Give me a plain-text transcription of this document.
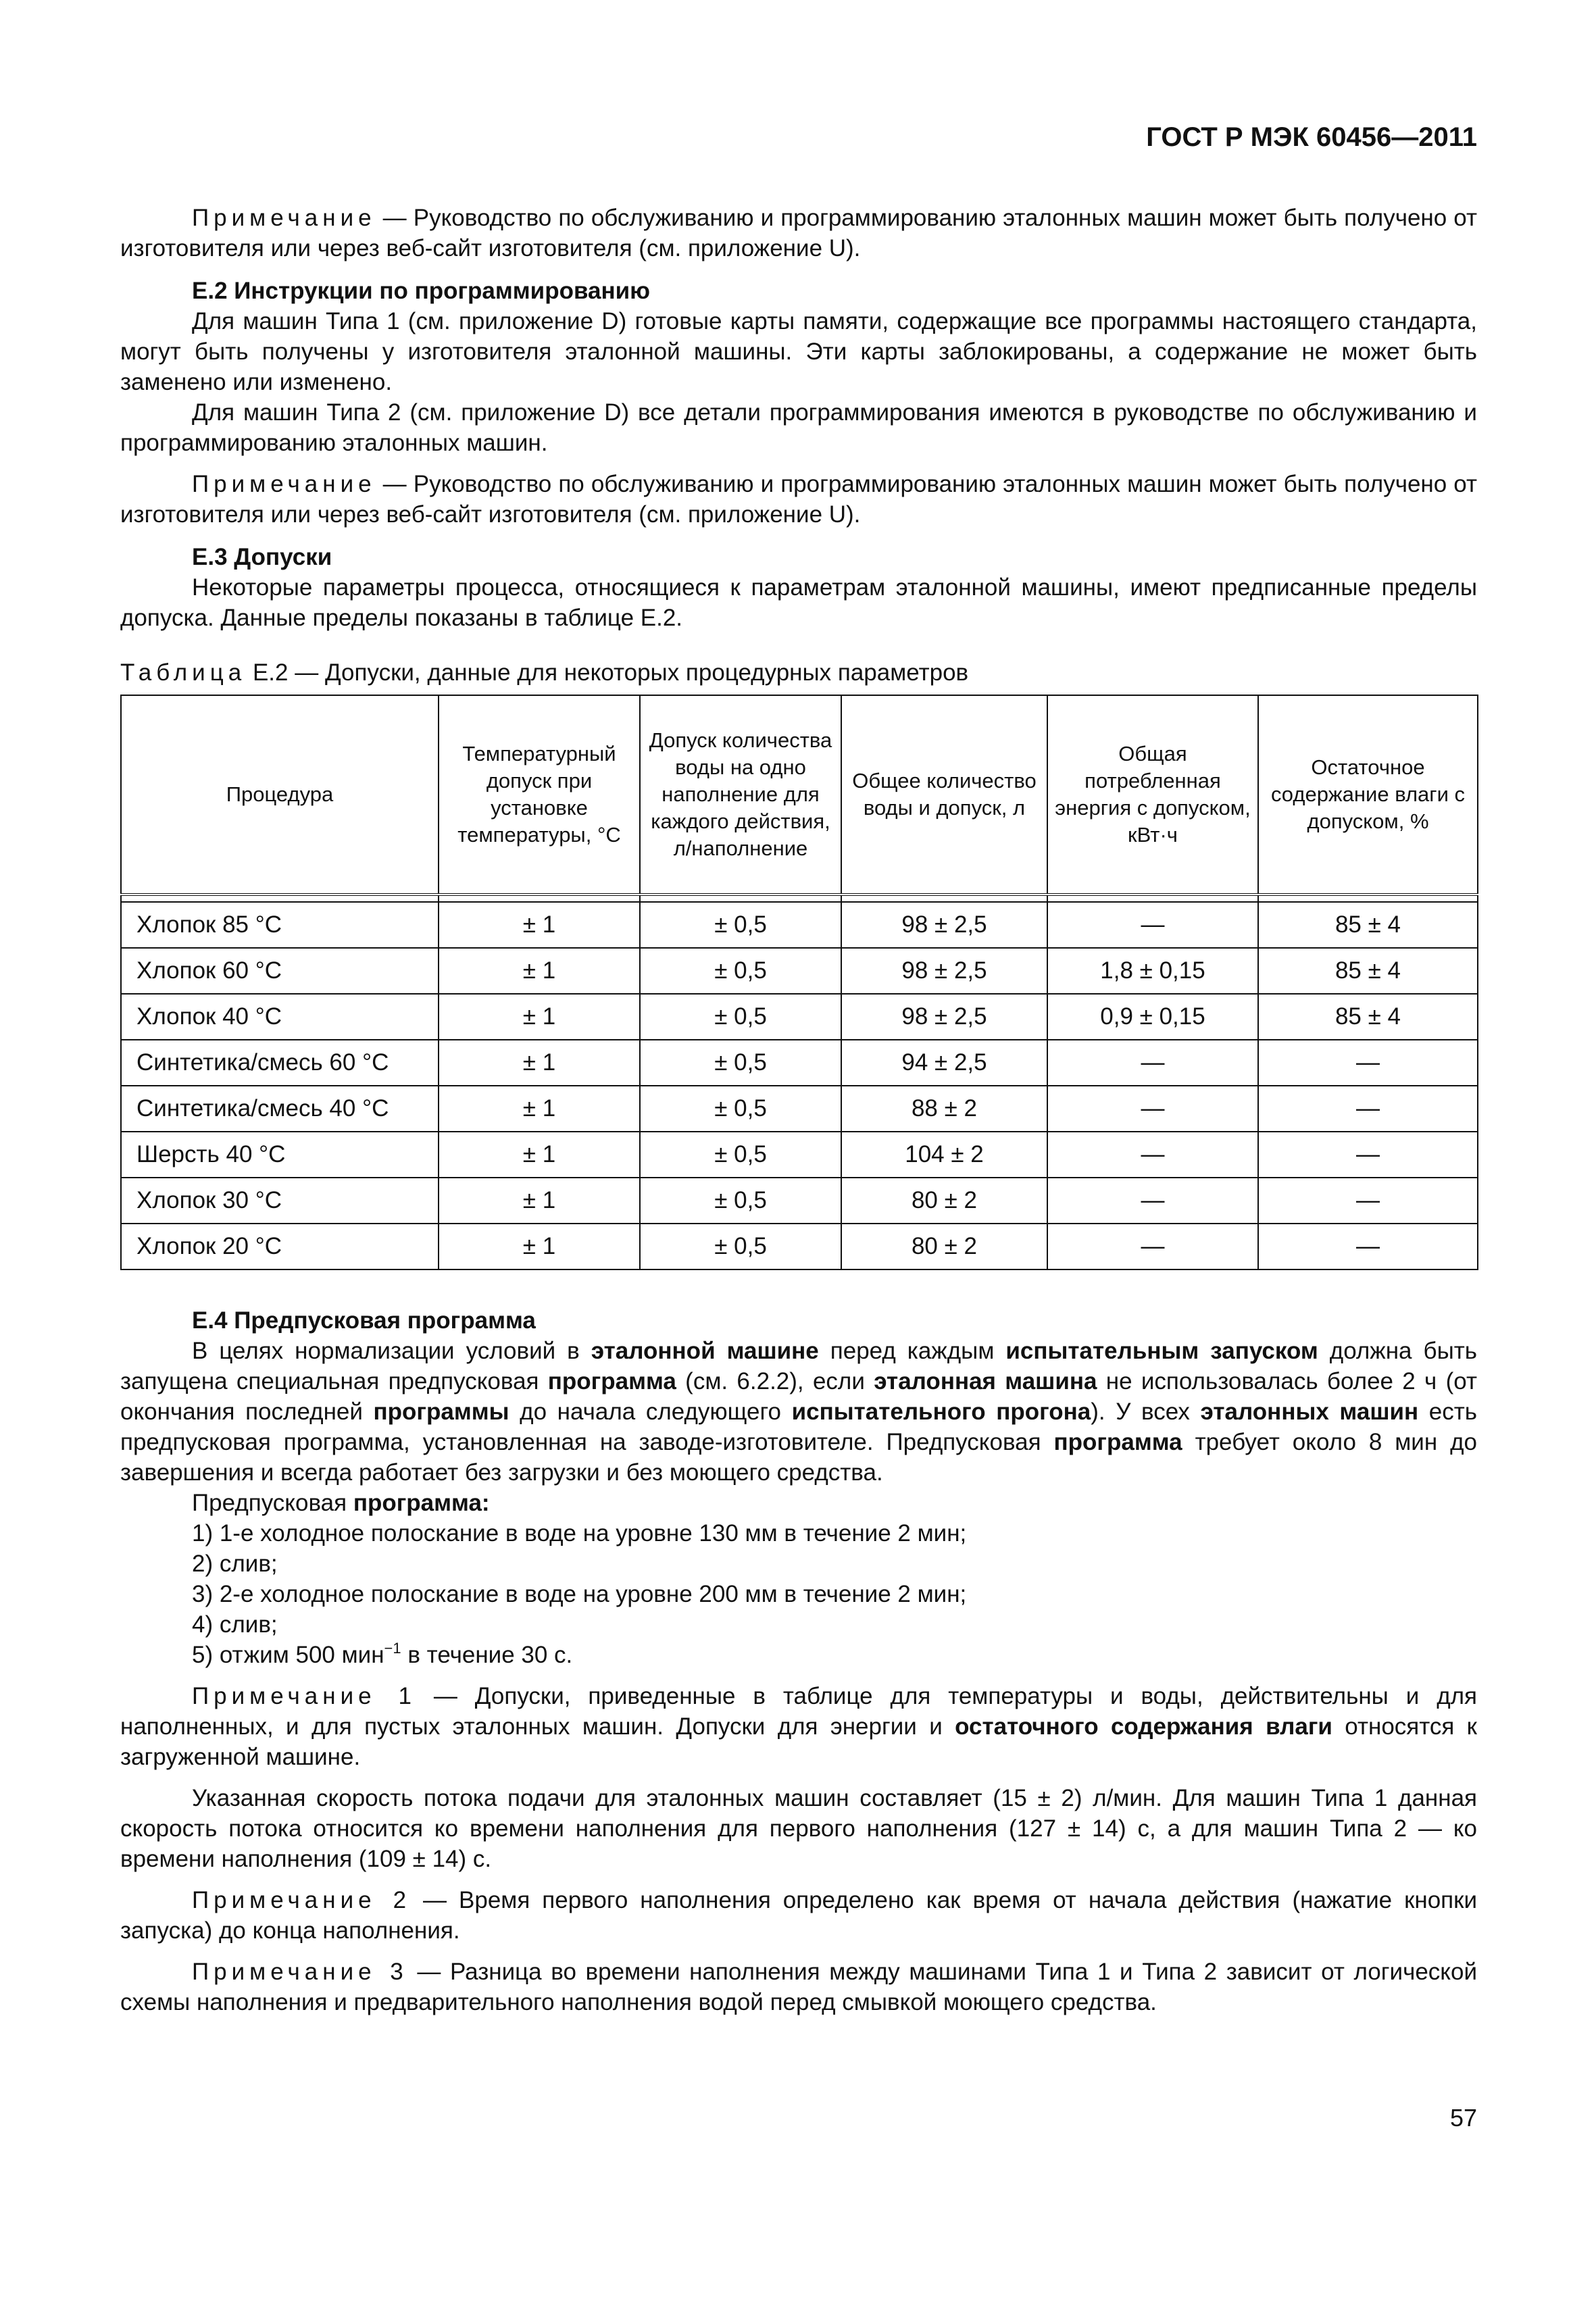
ГОСТ Р МЭК 60456—2011

Примечание — Руководство по обслуживанию и программированию эталонных машин может быть получено от изготовителя или через веб-сайт изготовителя (см. приложение U).

E.2 Инструкции по программированию

Для машин Типа 1 (см. приложение D) готовые карты памяти, содержащие все программы настоящего стандарта, могут быть получены у изготовителя эталонной машины. Эти карты заблокированы, а содержание не может быть заменено или изменено.

Для машин Типа 2 (см. приложение D) все детали программирования имеются в руководстве по обслуживанию и программированию эталонных машин.

Примечание — Руководство по обслуживанию и программированию эталонных машин может быть получено от изготовителя или через веб-сайт изготовителя (см. приложение U).

E.3 Допуски

Некоторые параметры процесса, относящиеся к параметрам эталонной машины, имеют предписанные пределы допуска. Данные пределы показаны в таблице E.2.

Таблица E.2 — Допуски, данные для некоторых процедурных параметров

Процедура	Температурный допуск при установке температуры, °C	Допуск количества воды на одно наполнение для каждого действия, л/наполнение	Общее количество воды и допуск, л	Общая потребленная энергия с допуском, кВт·ч	Остаточное содержание влаги с допуском, %

Хлопок 85 °C	± 1	± 0,5	98 ± 2,5	—	85 ± 4
Хлопок 60 °C	± 1	± 0,5	98 ± 2,5	1,8 ± 0,15	85 ± 4
Хлопок 40 °C	± 1	± 0,5	98 ± 2,5	0,9 ± 0,15	85 ± 4
Синтетика/смесь 60 °C	± 1	± 0,5	94 ± 2,5	—	—
Синтетика/смесь 40 °C	± 1	± 0,5	88 ± 2	—	—
Шерсть 40 °C	± 1	± 0,5	104 ± 2	—	—
Хлопок 30 °C	± 1	± 0,5	80 ± 2	—	—
Хлопок 20 °C	± 1	± 0,5	80 ± 2	—	—

E.4 Предпусковая программа

В целях нормализации условий в эталонной машине перед каждым испытательным запуском должна быть запущена специальная предпусковая программа (см. 6.2.2), если эталонная машина не использовалась более 2 ч (от окончания последней программы до начала следующего испытательного прогона). У всех эталонных машин есть предпусковая программа, установленная на заводе-изготовителе. Предпусковая программа требует около 8 мин до завершения и всегда работает без загрузки и без моющего средства.

Предпусковая программа:

1) 1-е холодное полоскание в воде на уровне 130 мм в течение 2 мин;

2) слив;

3) 2-е холодное полоскание в воде на уровне 200 мм в течение 2 мин;

4) слив;

5) отжим 500 мин$^{-1}$ в течение 30 с.

Примечание 1 — Допуски, приведенные в таблице для температуры и воды, действительны и для наполненных, и для пустых эталонных машин. Допуски для энергии и остаточного содержания влаги относятся к загруженной машине.

Указанная скорость потока подачи для эталонных машин составляет (15 ± 2) л/мин. Для машин Типа 1 данная скорость потока относится ко времени наполнения для первого наполнения (127 ± 14) с, а для машин Типа 2 — ко времени наполнения (109 ± 14) с.

Примечание 2 — Время первого наполнения определено как время от начала действия (нажатие кнопки запуска) до конца наполнения.

Примечание 3 — Разница во времени наполнения между машинами Типа 1 и Типа 2 зависит от логической схемы наполнения и предварительного наполнения водой перед смывкой моющего средства.

57
